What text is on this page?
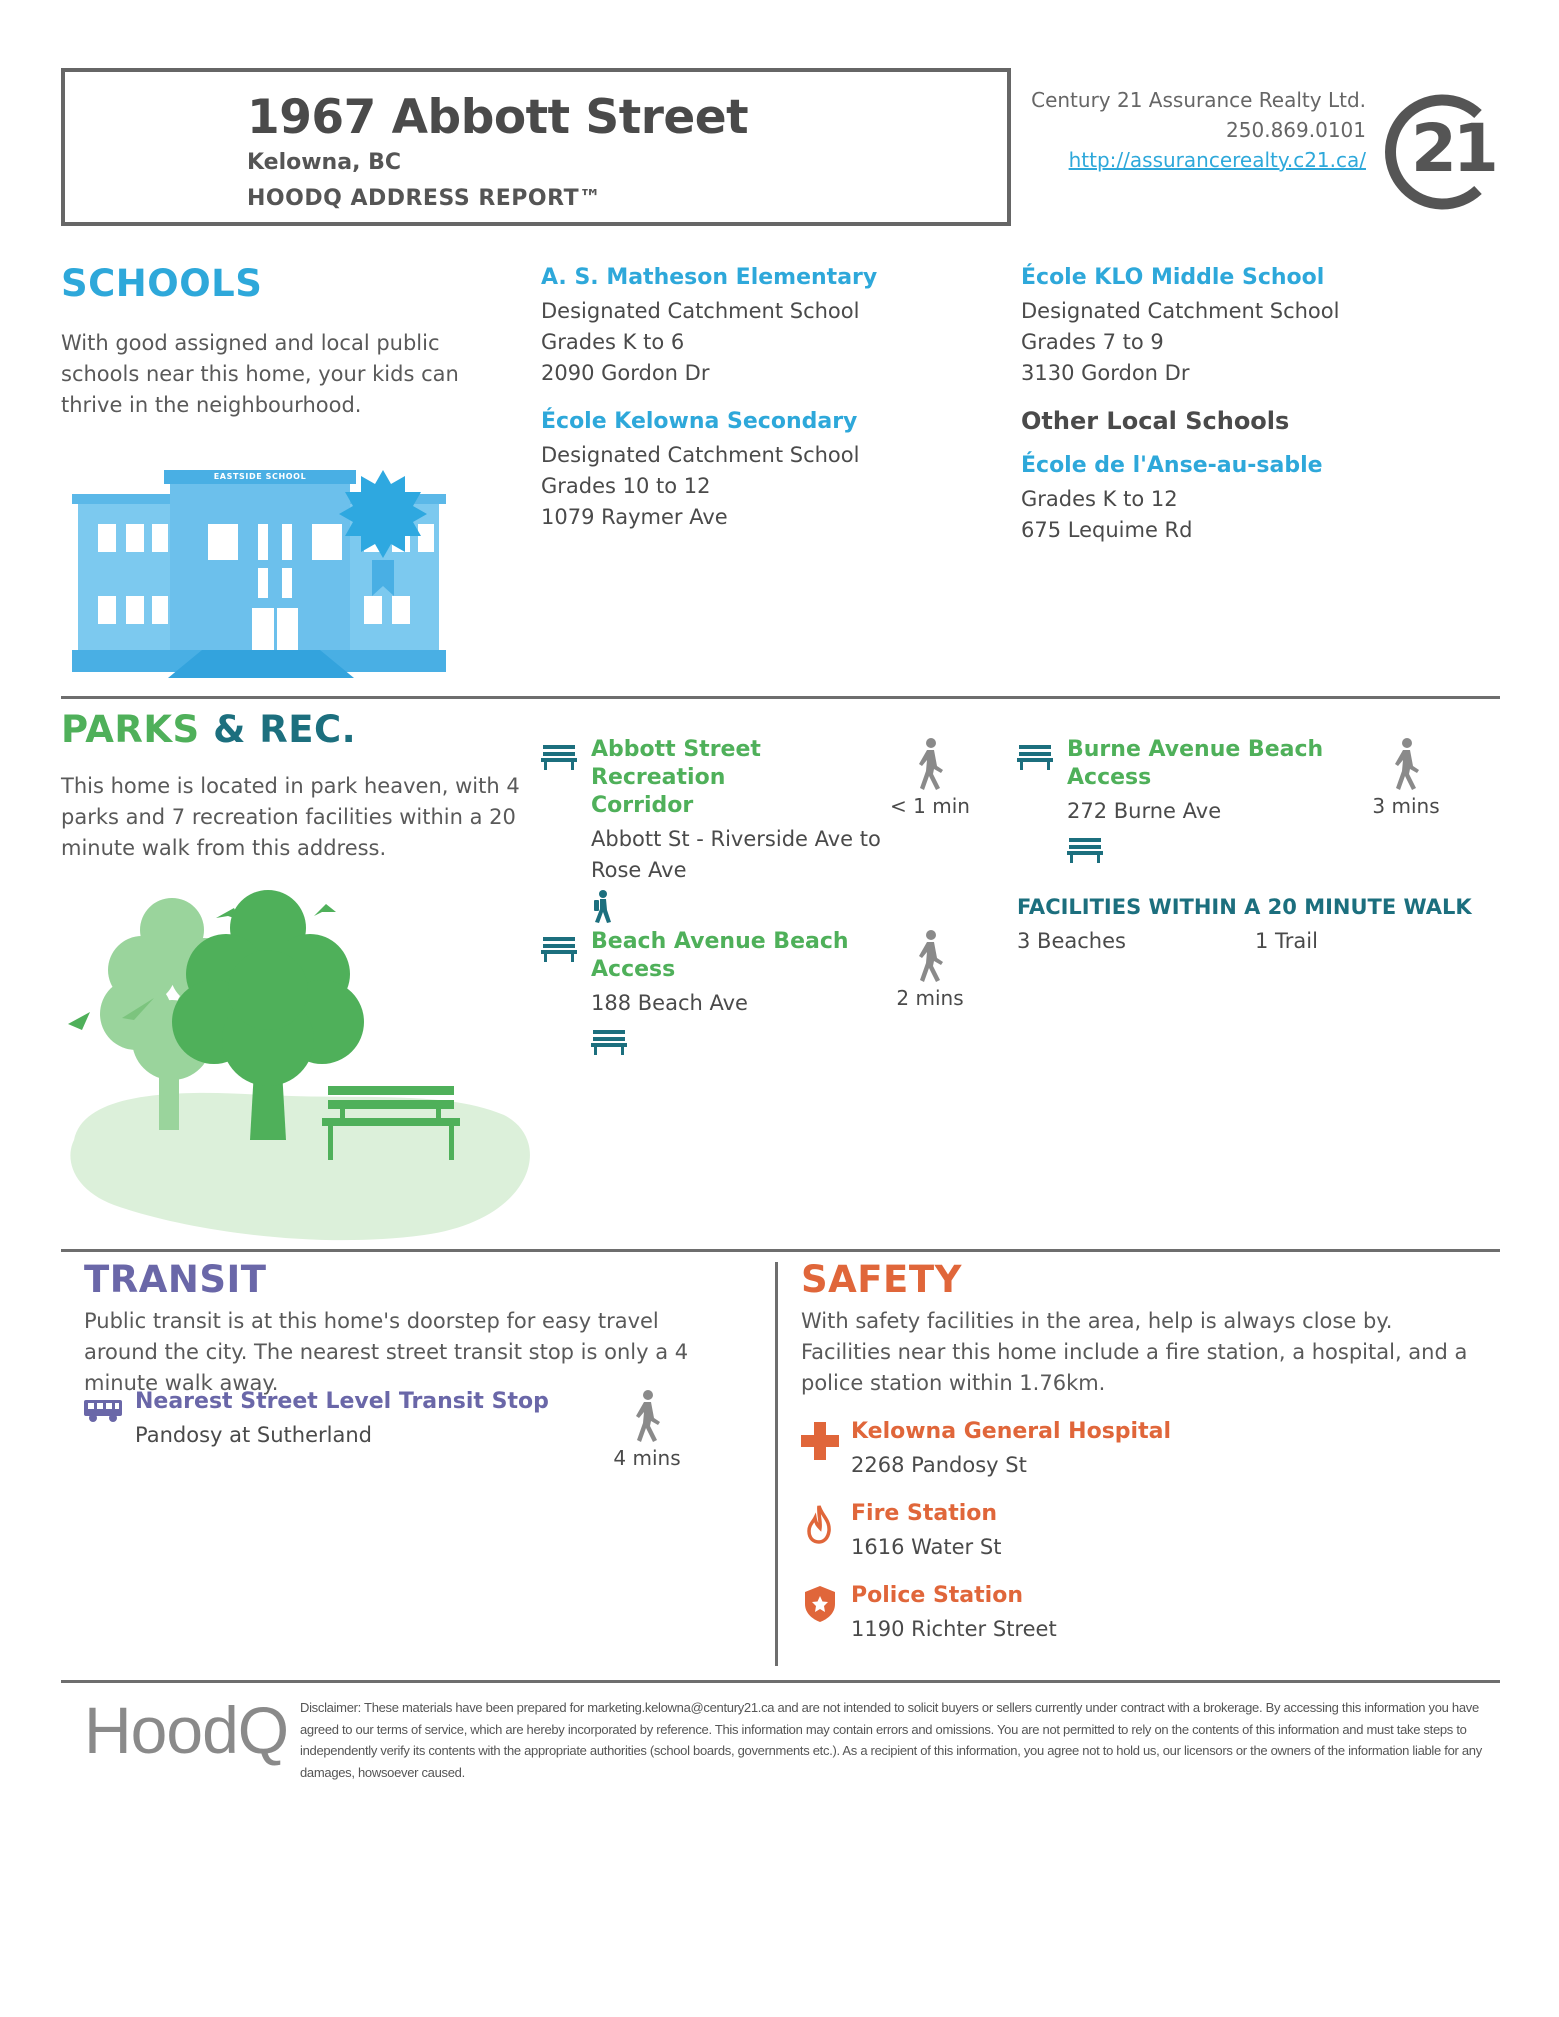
1967 Abbott Street
Kelowna, BC
HOODQ ADDRESS REPORT™
Century 21 Assurance Realty Ltd.
250.869.0101
http://assurancerealty.c21.ca/ 21
SCHOOLS
With good assigned and local public schools near this home, your kids can thrive in the neighbourhood.
EASTSIDE SCHOOL
A. S. Matheson Elementary
Designated Catchment School
Grades K to 6
2090 Gordon Dr
École Kelowna Secondary
Designated Catchment School
Grades 10 to 12
1079 Raymer Ave
École KLO Middle School
Designated Catchment School
Grades 7 to 9
3130 Gordon Dr
Other Local Schools
École de l'Anse-au-sable
Grades K to 12
675 Lequime Rd
PARKS & REC.
This home is located in park heaven, with 4 parks and 7 recreation facilities within a 20 minute walk from this address.
Abbott Street Recreation
Corridor
Abbott St - Riverside Ave to
Rose Ave
< 1 min
Beach Avenue Beach
Access
188 Beach Ave	2 mins
Burne Avenue Beach
Access
272 Burne Ave	3 mins
FACILITIES WITHIN A 20 MINUTE WALK
3 Beaches	1 Trail
TRANSIT
Public transit is at this home's doorstep for easy travel around the city. The nearest street transit stop is only a 4 minute walk away.
Nearest Street Level Transit Stop
Pandosy at Sutherland
4 mins
SAFETY
With safety facilities in the area, help is always close by. Facilities near this home include a fire station, a hospital, and a police station within 1.76km.
Kelowna General Hospital
2268 Pandosy St
Fire Station
1616 Water St
Police Station
1190 Richter Street
HoodQ Disclaimer: These materials have been prepared for marketing.kelowna@century21.ca and are not intended to solicit buyers or sellers currently under contract with a brokerage. By accessing this information you have agreed to our terms of service, which are hereby incorporated by reference. This information may contain errors and omissions. You are not permitted to rely on the contents of this information and must take steps to independently verify its contents with the appropriate authorities (school boards, governments etc.). As a recipient of this information, you agree not to hold us, our licensors or the owners of the information liable for any damages, howsoever caused.
